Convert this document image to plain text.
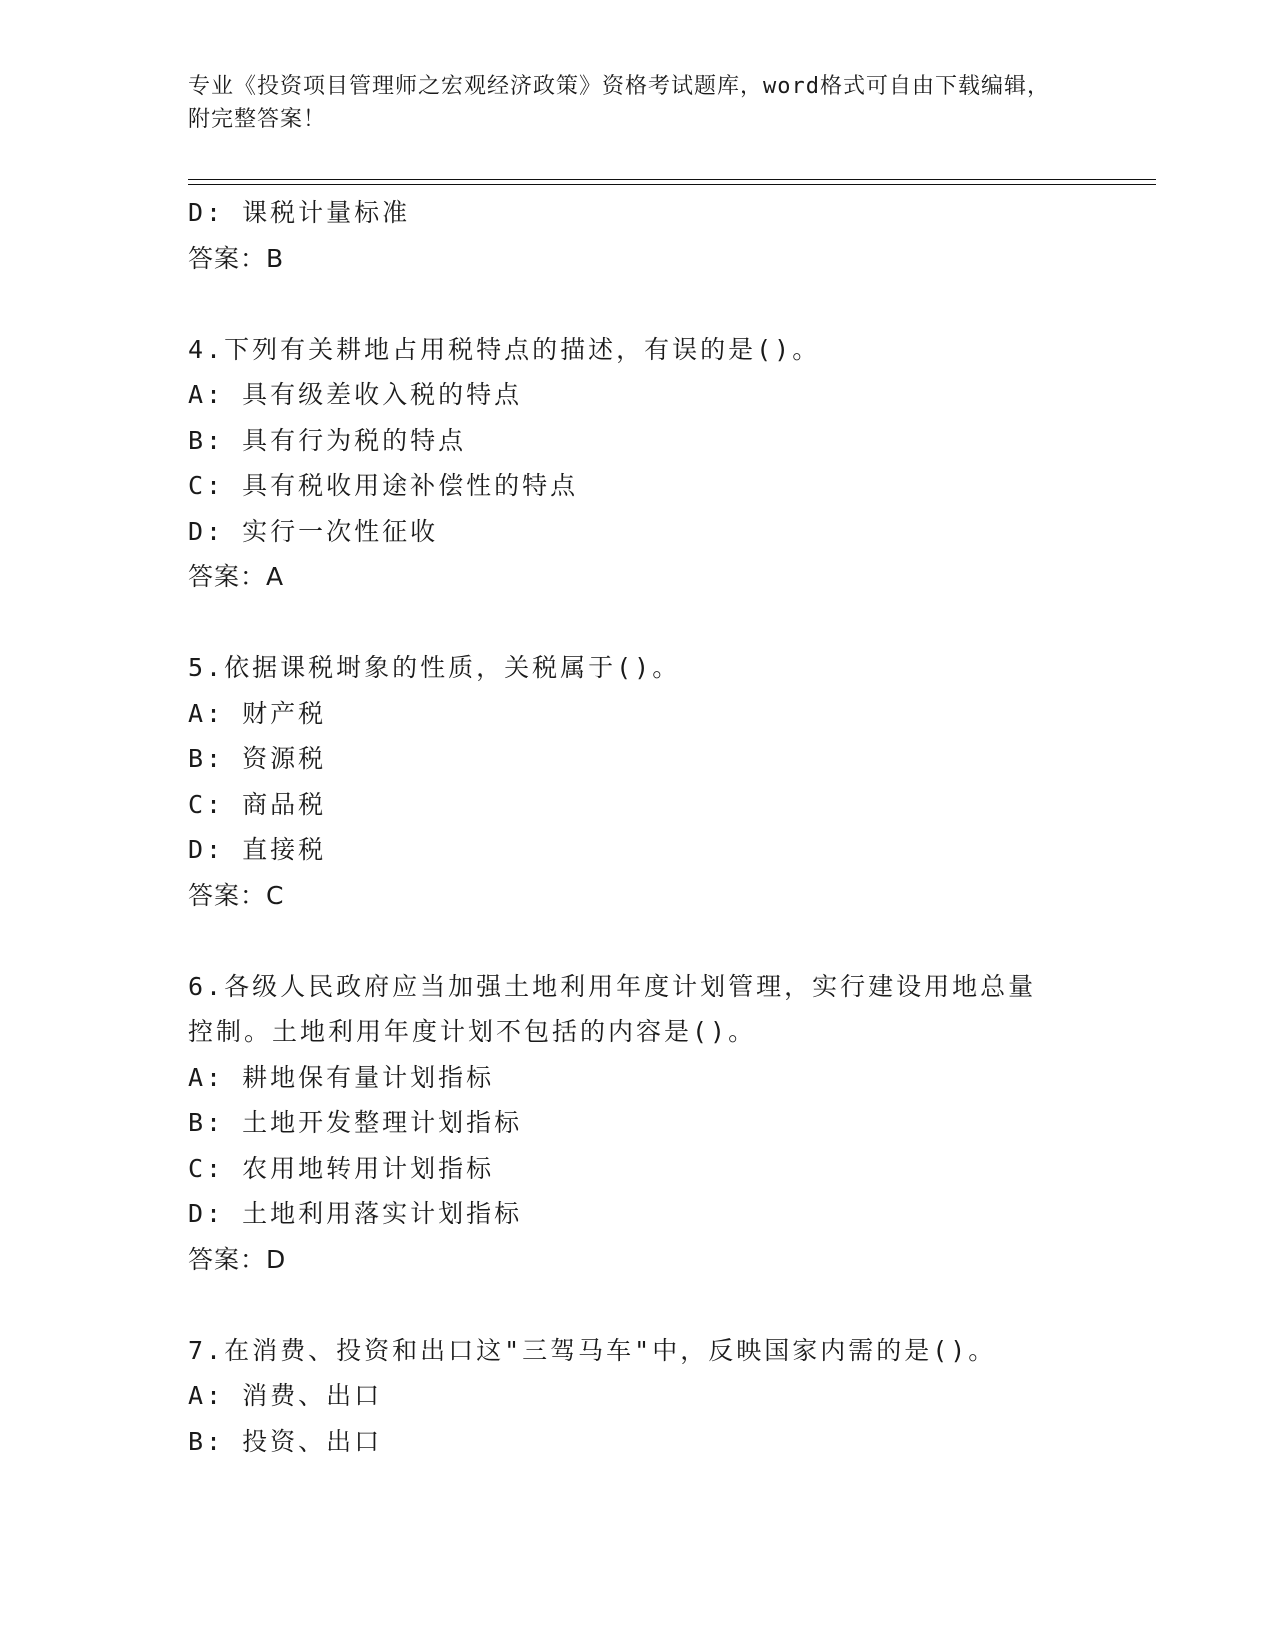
专业《投资项目管理师之宏观经济政策》资格考试题库，word格式可自由下载编辑，附完整答案！

D: 课税计量标准

答案：B

4.下列有关耕地占用税特点的描述，有误的是()。

A: 具有级差收入税的特点

B: 具有行为税的特点

C: 具有税收用途补偿性的特点

D: 实行一次性征收

答案：A

5.依据课税埘象的性质，关税属于()。

A: 财产税

B: 资源税

C: 商品税

D: 直接税

答案：C

6.各级人民政府应当加强土地利用年度计划管理，实行建设用地总量

控制。土地利用年度计划不包括的内容是()。

A: 耕地保有量计划指标

B: 土地开发整理计划指标

C: 农用地转用计划指标

D: 土地利用落实计划指标

答案：D

7.在消费、投资和出口这"三驾马车"中，反映国家内需的是()。

A: 消费、出口

B: 投资、出口
